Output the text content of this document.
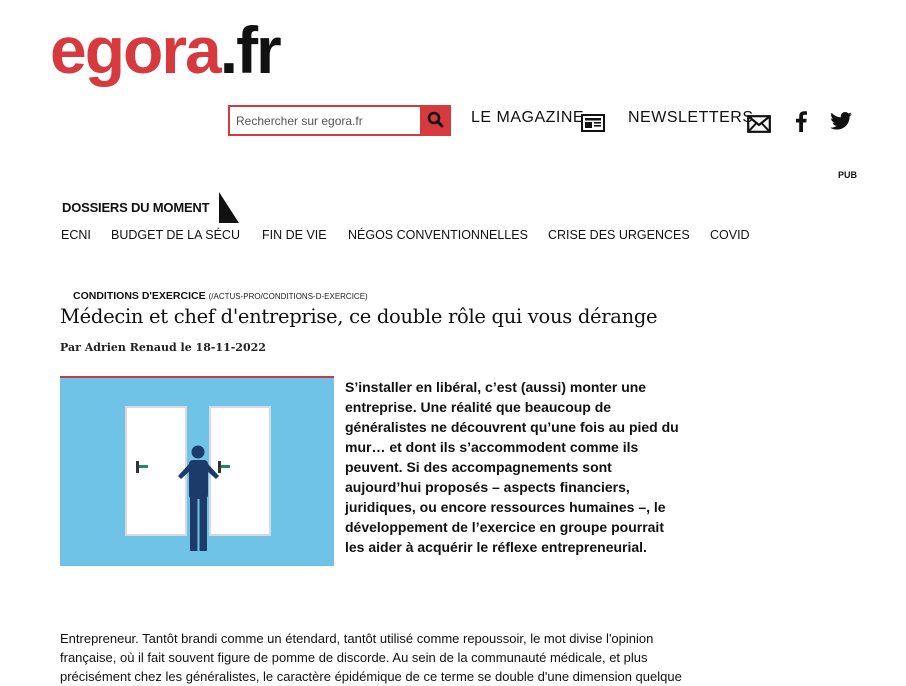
egora.fr
Rechercher sur egora.fr
LE MAGAZINE	NEWSLETTERS
PUB
DOSSIERS DU MOMENT
ECNI BUDGET DE LA SÉCU FIN DE VIE NÉGOS CONVENTIONNELLES CRISE DES URGENCES COVID
CONDITIONS D'EXERCICE (/ACTUS-PRO/CONDITIONS-D-EXERCICE)
Médecin et chef d'entreprise, ce double rôle qui vous dérange
Par Adrien Renaud le 18-11-2022

S’installer en libéral, c’est (aussi) monter une entreprise. Une réalité que beaucoup de généralistes ne découvrent qu’une fois au pied du mur… et dont ils s’accommodent comme ils peuvent. Si des accompagnements sont aujourd’hui proposés – aspects financiers, juridiques, ou encore ressources humaines –, le développement de l’exercice en groupe pourrait les aider à acquérir le réflexe entrepreneurial.

Entrepreneur. Tantôt brandi comme un étendard, tantôt utilisé comme repoussoir, le mot divise l'opinion française, où il fait souvent figure de pomme de discorde. Au sein de la communauté médicale, et plus précisément chez les généralistes, le caractère épidémique de ce terme se double d'une dimension quelque
